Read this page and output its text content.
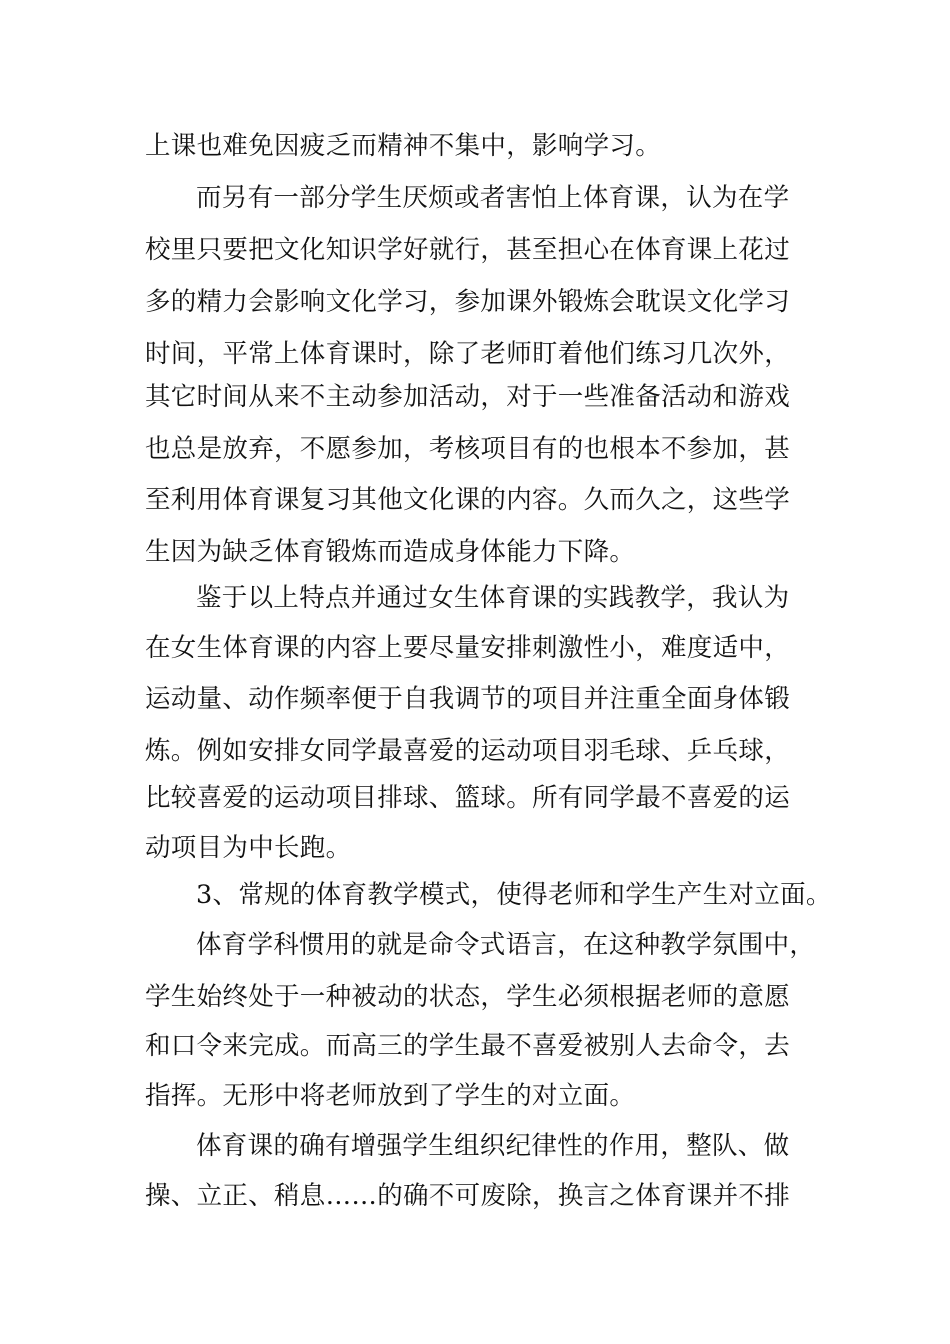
上课也难免因疲乏而精神不集中，影响学习。
而另有一部分学生厌烦或者害怕上体育课，认为在学
校里只要把文化知识学好就行，甚至担心在体育课上花过
多的精力会影响文化学习，参加课外锻炼会耽误文化学习
时间，平常上体育课时，除了老师盯着他们练习几次外，
其它时间从来不主动参加活动，对于一些准备活动和游戏
也总是放弃，不愿参加，考核项目有的也根本不参加，甚
至利用体育课复习其他文化课的内容。久而久之，这些学
生因为缺乏体育锻炼而造成身体能力下降。
鉴于以上特点并通过女生体育课的实践教学，我认为
在女生体育课的内容上要尽量安排刺激性小，难度适中，
运动量、动作频率便于自我调节的项目并注重全面身体锻
炼。例如安排女同学最喜爱的运动项目羽毛球、乒乓球，
比较喜爱的运动项目排球、篮球。所有同学最不喜爱的运
动项目为中长跑。
3、常规的体育教学模式，使得老师和学生产生对立面。
体育学科惯用的就是命令式语言，在这种教学氛围中，
学生始终处于一种被动的状态，学生必须根据老师的意愿
和口令来完成。而高三的学生最不喜爱被别人去命令，去
指挥。无形中将老师放到了学生的对立面。
体育课的确有增强学生组织纪律性的作用，整队、做
操、立正、稍息……的确不可废除，换言之体育课并不排
